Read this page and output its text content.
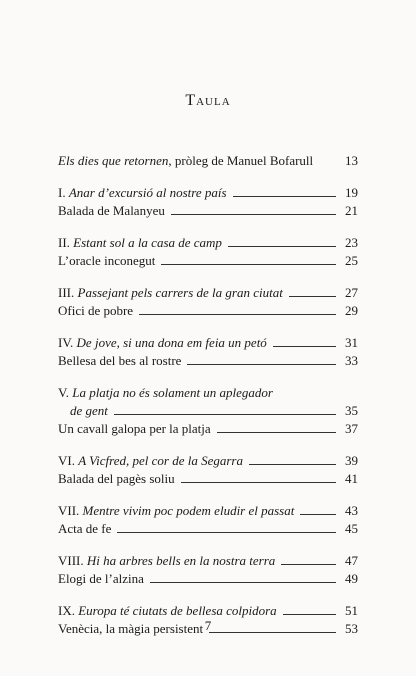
Taula
Els dies que retornen, pròleg de Manuel Bofarull 13
I. Anar d’excursió al nostre país	19
Balada de Malanyeu	21
II. Estant sol a la casa de camp	23
L’oracle inconegut	25
III. Passejant pels carrers de la gran ciutat	27
Ofici de pobre	29
IV. De jove, si una dona em feia un petó	31
Bellesa del bes al rostre	33
V. La platja no és solament un aplegador
de gent	35
Un cavall galopa per la platja	37
VI. A Vicfred, pel cor de la Segarra	39
Balada del pagès soliu	41
VII. Mentre vivim poc podem eludir el passat	43
Acta de fe	45
VIII. Hi ha arbres bells en la nostra terra	47
Elogi de l’alzina	49
IX. Europa té ciutats de bellesa colpidora	51
Venècia, la màgia persistent	53
7
